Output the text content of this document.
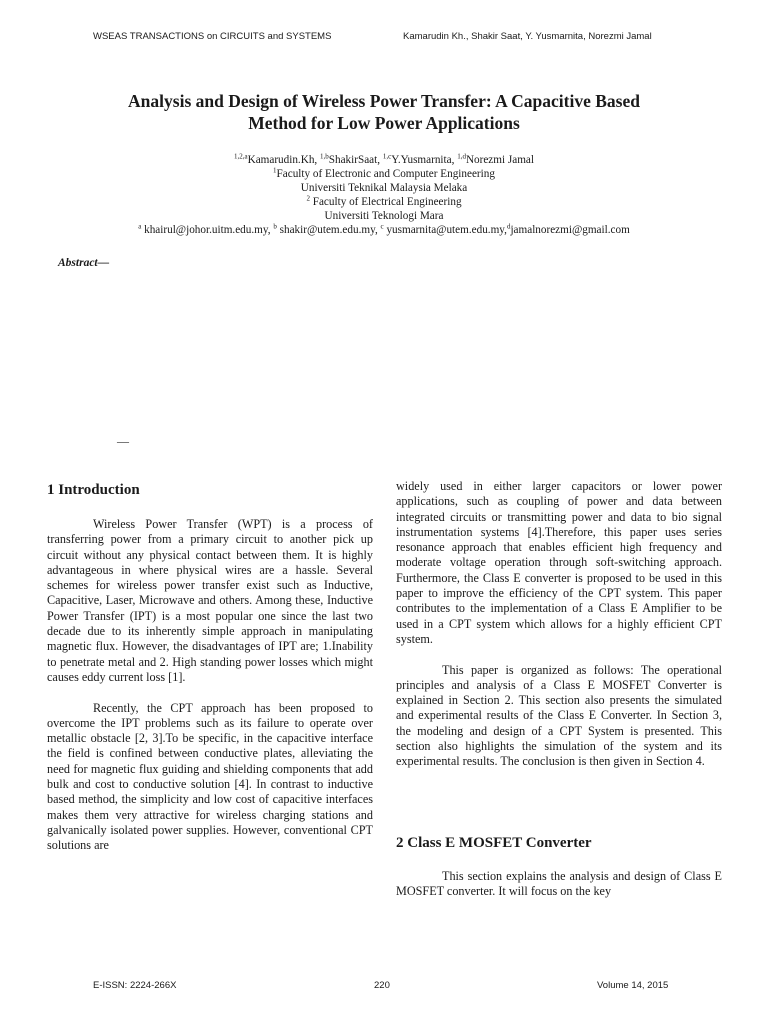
WSEAS TRANSACTIONS on CIRCUITS and SYSTEMS	Kamarudin Kh., Shakir Saat, Y. Yusmarnita, Norezmi Jamal
Analysis and Design of Wireless Power Transfer: A Capacitive Based
Method for Low Power Applications
$^{1,2,a}$Kamarudin.Kh, $^{1,b}$ShakirSaat, $^{1,c}$Y.Yusmarnita, $^{1,d}$Norezmi Jamal
$^1$Faculty of Electronic and Computer Engineering
Universiti Teknikal Malaysia Melaka
$^2$ Faculty of Electrical Engineering
Universiti Teknologi Mara
$^a$ khairul@johor.uitm.edu.my, $^b$ shakir@utem.edu.my, $^c$ yusmarnita@utem.edu.my,$^d$jamalnorezmi@gmail.com
Abstract—
—
1 Introduction

Wireless Power Transfer (WPT) is a process of transferring power from a primary circuit to another pick up circuit without any physical contact between them. It is highly advantageous in where physical wires are a hassle. Several schemes for wireless power transfer exist such as Inductive, Capacitive, Laser, Microwave and others. Among these, Inductive Power Transfer (IPT) is a most popular one since the last two decade due to its inherently simple approach in manipulating magnetic flux. However, the disadvantages of IPT are; 1.Inability to penetrate metal and 2. High standing power losses which might causes eddy current loss [1].

Recently, the CPT approach has been proposed to overcome the IPT problems such as its failure to operate over metallic obstacle [2, 3].To be specific, in the capacitive interface the field is confined between conductive plates, alleviating the need for magnetic flux guiding and shielding components that add bulk and cost to conductive solution [4]. In contrast to inductive based method, the simplicity and low cost of capacitive interfaces makes them very attractive for wireless charging stations and galvanically isolated power supplies. However, conventional CPT solutions are

widely used in either larger capacitors or lower power applications, such as coupling of power and data between integrated circuits or transmitting power and data to bio signal instrumentation systems [4].Therefore, this paper uses series resonance approach that enables efficient high frequency and moderate voltage operation through soft-switching approach. Furthermore, the Class E converter is proposed to be used in this paper to improve the efficiency of the CPT system. This paper contributes to the implementation of a Class E Amplifier to be used in a CPT system which allows for a highly efficient CPT system.

This paper is organized as follows: The operational principles and analysis of a Class E MOSFET Converter is explained in Section 2. This section also presents the simulated and experimental results of the Class E Converter. In Section 3, the modeling and design of a CPT System is presented. This section also highlights the simulation of the system and its experimental results. The conclusion is then given in Section 4.

2 Class E MOSFET Converter

This section explains the analysis and design of Class E MOSFET converter. It will focus on the key

E-ISSN: 2224-266X	220	Volume 14, 2015
